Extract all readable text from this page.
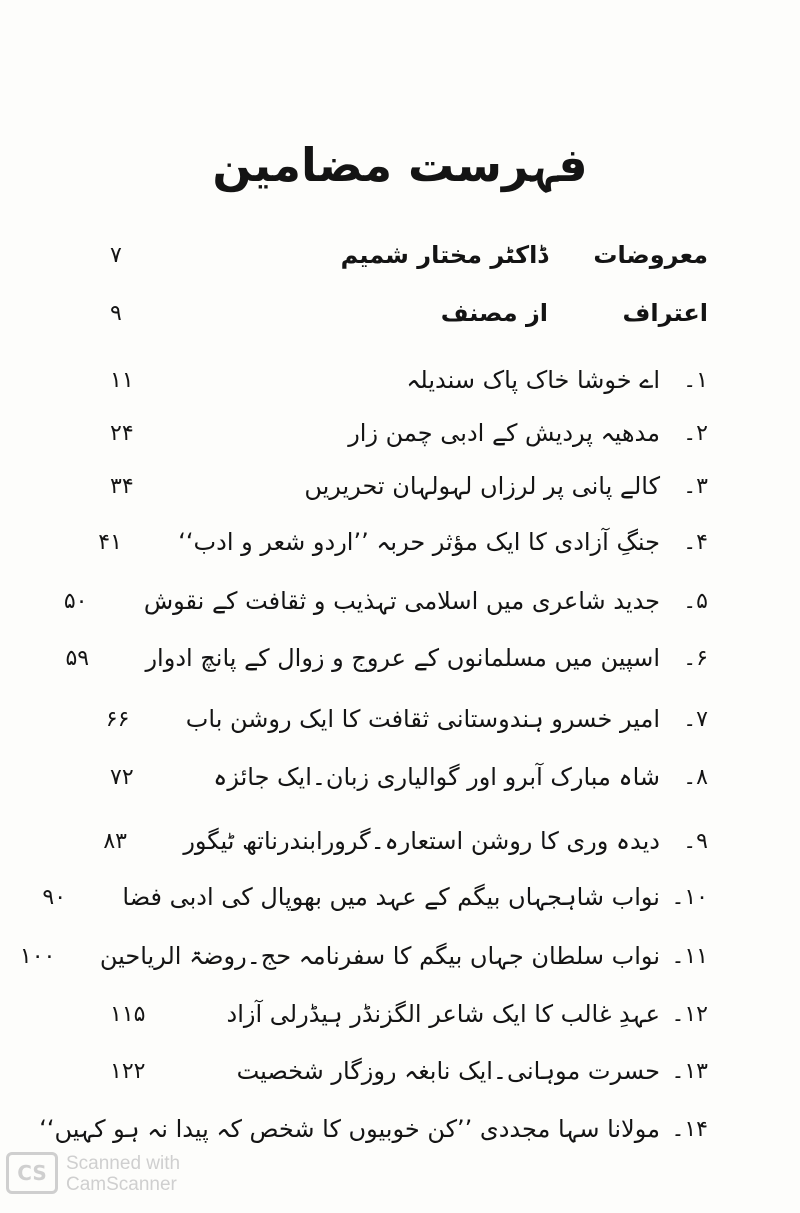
فہرست مضامین
معروضات
ڈاکٹر مختار شمیم
۷
اعتراف
از مصنف
۹
۱۔
اے خوشا خاک پاک سندیلہ
۱۱
۲۔
مدھیہ پردیش کے ادبی چمن زار
۲۴
۳۔
کالے پانی پر لرزاں لہولہان تحریریں
۳۴
۴۔
جنگِ آزادی کا ایک مؤثر حربہ ’’اردو شعر و ادب‘‘
۴۱
۵۔
جدید شاعری میں اسلامی تہذیب و ثقافت کے نقوش
۵۰
۶۔
اسپین میں مسلمانوں کے عروج و زوال کے پانچ ادوار
۵۹
۷۔
امیر خسرو ہندوستانی ثقافت کا ایک روشن باب
۶۶
۸۔
شاہ مبارک آبرو اور گوالیاری زبان۔ایک جائزہ
۷۲
۹۔
دیدہ وری کا روشن استعارہ۔گرورابندرناتھ ٹیگور
۸۳
۱۰۔
نواب شاہجہاں بیگم کے عہد میں بھوپال کی ادبی فضا
۹۰
۱۱۔
نواب سلطان جہاں بیگم کا سفرنامہ حج۔روضۃ الریاحین
۱۰۰
۱۲۔
عہدِ غالب کا ایک شاعر الگزنڈر ہیڈرلی آزاد
۱۱۵
۱۳۔
حسرت موہانی۔ایک نابغہ روزگار شخصیت
۱۲۲
۱۴۔
مولانا سہا مجددی ’’کن خوبیوں کا شخص کہ پیدا نہ ہو کہیں‘‘
CS	Scanned with
CamScanner
